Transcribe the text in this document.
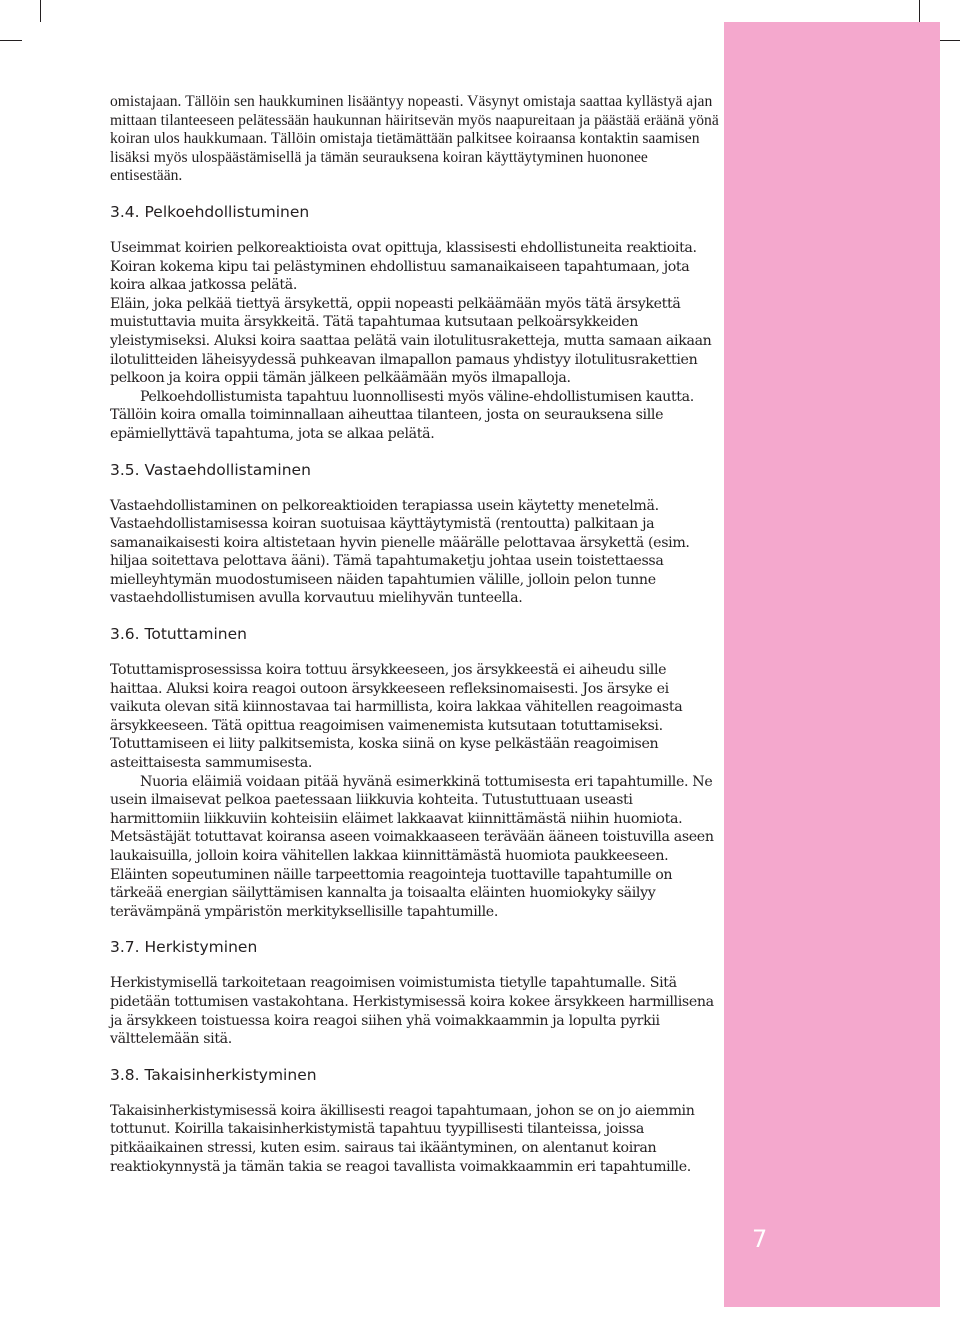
7

omistajaan. Tällöin sen haukkuminen lisääntyy nopeasti. Väsynyt omistaja saattaa kyllästyä ajan mittaan tilanteeseen pelätessään haukunnan häiritsevän myös naapureitaan ja päästää eräänä yönä koiran ulos haukkumaan. Tällöin omistaja tietämättään palkitsee koiraansa kontaktin saamisen lisäksi myös ulospäästämisellä ja tämän seurauksena koiran käyttäytyminen huononee entisestään.

3.4. Pelkoehdollistuminen

Useimmat koirien pelkoreaktioista ovat opittuja, klassisesti ehdollistuneita reaktioita.

Koiran kokema kipu tai pelästyminen ehdollistuu samanaikaiseen tapahtumaan, jota koira alkaa jatkossa pelätä.

Eläin, joka pelkää tiettyä ärsykettä, oppii nopeasti pelkäämään myös tätä ärsykettä muistuttavia muita ärsykkeitä. Tätä tapahtumaa kutsutaan pelkoärsykkeiden yleistymiseksi. Aluksi koira saattaa pelätä vain ilotulitusraketteja, mutta samaan aikaan ilotulitteiden läheisyydessä puhkeavan ilmapallon pamaus yhdistyy ilotulitusrakettien pelkoon ja koira oppii tämän jälkeen pelkäämään myös ilmapalloja.

Pelkoehdollistumista tapahtuu luonnollisesti myös väline-ehdollistumisen kautta. Tällöin koira omalla toiminnallaan aiheuttaa tilanteen, josta on seurauksena sille epämiellyttävä tapahtuma, jota se alkaa pelätä.

3.5. Vastaehdollistaminen

Vastaehdollistaminen on pelkoreaktioiden terapiassa usein käytetty menetelmä.

Vastaehdollistamisessa koiran suotuisaa käyttäytymistä (rentoutta) palkitaan ja samanaikaisesti koira altistetaan hyvin pienelle määrälle pelottavaa ärsykettä (esim. hiljaa soitettava pelottava ääni). Tämä tapahtumaketju johtaa usein toistettaessa mielleyhtymän muodostumiseen näiden tapahtumien välille, jolloin pelon tunne vastaehdollistumisen avulla korvautuu mielihyvän tunteella.

3.6. Totuttaminen

Totuttamisprosessissa koira tottuu ärsykkeeseen, jos ärsykkeestä ei aiheudu sille haittaa. Aluksi koira reagoi outoon ärsykkeeseen refleksinomaisesti. Jos ärsyke ei vaikuta olevan sitä kiinnostavaa tai harmillista, koira lakkaa vähitellen reagoimasta ärsykkeeseen. Tätä opittua reagoimisen vaimenemista kutsutaan totuttamiseksi.

Totuttamiseen ei liity palkitsemista, koska siinä on kyse pelkästään reagoimisen asteittaisesta sammumisesta.

Nuoria eläimiä voidaan pitää hyvänä esimerkkinä tottumisesta eri tapahtumille. Ne usein ilmaisevat pelkoa paetessaan liikkuvia kohteita. Tutustuttuaan useasti harmittomiin liikkuviin kohteisiin eläimet lakkaavat kiinnittämästä niihin huomiota.

Metsästäjät totuttavat koiransa aseen voimakkaaseen terävään ääneen toistuvilla aseen laukaisuilla, jolloin koira vähitellen lakkaa kiinnittämästä huomiota paukkeeseen.

Eläinten sopeutuminen näille tarpeettomia reagointeja tuottaville tapahtumille on tärkeää energian säilyttämisen kannalta ja toisaalta eläinten huomiokyky säilyy terävämpänä ympäristön merkityksellisille tapahtumille.

3.7. Herkistyminen

Herkistymisellä tarkoitetaan reagoimisen voimistumista tietylle tapahtumalle. Sitä pidetään tottumisen vastakohtana. Herkistymisessä koira kokee ärsykkeen harmillisena ja ärsykkeen toistuessa koira reagoi siihen yhä voimakkaammin ja lopulta pyrkii välttelemään sitä.

3.8. Takaisinherkistyminen

Takaisinherkistymisessä koira äkillisesti reagoi tapahtumaan, johon se on jo aiemmin tottunut. Koirilla takaisinherkistymistä tapahtuu tyypillisesti tilanteissa, joissa pitkäaikainen stressi, kuten esim. sairaus tai ikääntyminen, on alentanut koiran reaktiokynnystä ja tämän takia se reagoi tavallista voimakkaammin eri tapahtumille.
